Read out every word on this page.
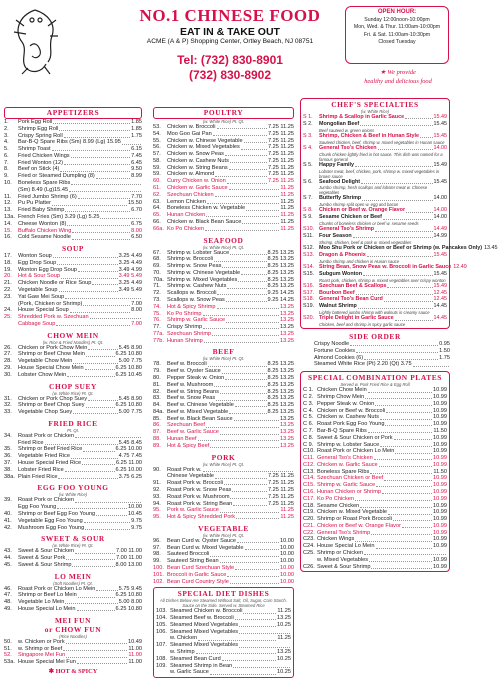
NO.1 CHINESE FOOD
EAT IN & TAKE OUT
ACME (A & P) Shopping Center, Ortley Beach, NJ 08751
Tel: (732) 830-8901
(732) 830-8902
OPEN HOUR:
Sunday 12:00noon-10:00pm
Mon, Wed. & Thur. 11:00am-10:00pm
Fri. & Sat. 11:00am-10:30pm
Closed Tuesday
★ We provide
healthy and delicious food
APPETIZERS
1.	Pork Egg Roll	1.85
2.	Shrimp Egg Roll	1.85
3.	Crispy Spring Roll	1.75
4.	Bar-B-Q Spare Ribs (Sm) 8.99 (Lg) 15.95
5.	Shrimp Toast	6.15
6.	Fried Chicken Wings	7.45
7.	Fried Wonton (12)	6.45
8.	Beef on Stick (4)	9.50
9.	Fried or Steamed Dumpling (8)	8.99
10.	Boneless Spare Ribs
(Sm) 8.49 (Lg)15.45
11.	Fried Jumbo Shrimp (6)	7.70
12.	Pu Pu Platter	15.50
13.	Fried Baby Shrimp	6.70
13a. French Fries (Sm) 3.29 (Lg) 5.25
14.	Cheese Wonton (8)	6.75
15.	Buffalo Chicken Wing	8.00
16.	Cold Sesame Noodle	6.50
SOUP
17.	Wonton Soup	3.25 4.49
18.	Egg Drop Soup	3.25 4.49
19.	Wonton Egg Drop Soup	3.49 4.99
20.	Hot & Sour Soup	3.49 5.49
21.	Chicken Noodle or Rice Soup	3.25 4.49
22.	Vegetable Soup	3.49 5.49
23.	Yat Gaw Mei Soup
(Pork, Chicken or Shrimp)	7.00
24.	House Special Soup	8.00
25.	Shredded Pork w. Szechuan
Cabbage Soup	7.00
CHOW MEIN
(w. Rice & Fried Noodles) Pt. Qt.
26.	Chicken or Pork Chow Mein	5.45 8.90
27.	Shrimp or Beef Chow Mein	6.25 10.80
28.	Vegetable Chow Mein	5.00 7.75
29.	House Special Chow Mein	6.25 10.80
30.	Lobster Chow Mein	6.25 10.45
CHOP SUEY
(w. White Rice) Pt. Qt.
31.	Chicken or Pork Chop Suey	5.45 8.90
32.	Shrimp or Beef Chop Suey	6.25 10.80
33.	Vegetable Chop Suey	5.00 7.75
FRIED RICE
Pt. Qt.
34.	Roast Pork or Chicken
Fried Rice	5.45 8.45
35.	Shrimp or Beef Fried Rice	6.25 10.00
36.	Vegetable Fried Rice	4.75 7.45
37.	House Special Fried Rice	6.25 11.00
38.	Lobster Fried Rice	6.25 10.00
38a. Plain Fried Rice	3.75 6.25
EGG FOO YOUNG
(w. White Rice)
39.	Roast Pork or Chicken
Egg Foo Young	10.00
40.	Shrimp or Beef Egg Foo Young	10.45
41.	Vegetable Egg Foo Young	9.75
42.	Mushroom Egg Foo Young	9.75
SWEET & SOUR
(w. White Rice) Pt. Qt.
43.	Sweet & Sour Chicken	7.00 11.00
44.	Sweet & Sour Pork	7.00 11.00
45.	Sweet & Sour Shrimp	8.00 13.00
LO MEIN
(Soft Noodles) Pt. Qt.
46.	Roast Pork or Chicken Lo Mein	5.75 9.45
47.	Shrimp or Beef Lo Mein	6.25 10.80
48.	Vegetable Lo Mein	5.00 8.00
49.	House Special Lo Mein	6.25 10.80
MEI FUN
or CHOW FUN
(Rice Noodles)
50.	w. Chicken or Pork	10.49
51.	w. Shrimp or Beef	11.00
52.	Singapore Mei Fun	11.00
53a. House Special Mei Fun	11.00
✱ HOT & SPICY
POULTRY
(w. White Rice) Pt. Qt.
53.	Chicken w. Broccoli	7.25 11.25
54.	Moo Goo Gai Pan	7.25 11.25
55.	Chicken w. Chinese Vegetable	7.25 11.25
56.	Chicken w. Mixed Vegetables	7.25 11.25
57.	Chicken w. Snow Peas	7.25 11.25
58.	Chicken w. Cashew Nuts	7.25 11.25
59.	Chicken w. String Beans	7.25 11.25
59.	Chicken w. Almond	7.25 11.25
60.	Curry Chicken w. Onion	7.25 11.25
61.	Chicken w. Garlic Sauce	11.25
62.	Szechuan Chicken	11.25
63.	Lemon Chicken	11.25
64.	Boneless Chicken w. Vegetable	11.25
65.	Hunan Chicken	11.25
66.	Chicken w. Black Bean Sauce	11.25
66a. Ko Po Chicken	11.25
SEAFOOD
(w. White Rice) Pt. Qt.
67.	Shrimp w. Lobster Sauce	8.25 13.25
68.	Shrimp w. Broccoli	8.25 13.25
69.	Shrimp w. Snow Peas	8.25 13.25
70.	Shrimp w. Chinese Vegetable	8.25 13.25
70a. Shrimp w. Mixed Vegetables	8.25 13.25
71.	Shrimp w. Cashew Nuts	8.25 13.25
72.	Scallops w. Broccoli	9.25 14.25
73.	Scallops w. Snow Peas	9.25 14.25
74.	Hot & Spicy Shrimp	13.25
75.	Ko Po Shrimp	13.25
76.	Shrimp w. Garlic Sauce	13.25
77.	Crispy Shrimp	13.25
77a. Szechuan Shrimp	13.25
77b. Hunan Shrimp	13.25
BEEF
(w. White Rice) Pt. Qt.
78.	Beef w. Broccoli	8.25 13.25
79.	Beef w. Oyster Sauce	8.25 13.25
80.	Pepper Steak w. Onion	8.25 13.25
81.	Beef w. Mushroom	8.25 13.25
82.	Beef w. String Beans	8.25 13.25
83.	Beef w. Snow Peas	8.25 13.25
84.	Beef w. Chinese Vegetable	8.25 13.25
84a. Beef w. Mixed Vegetable	8.25 13.25
85.	Beef w. Black Bean Sauce	13.25
86.	Szechuan Beef	13.25
87.	Beef w. Garlic Sauce	13.25
88.	Hunan Beef	13.25
89.	Hot & Spicy Beef	13.25
PORK
(w. White Rice) Pt. Qt.
90.	Roast Pork w.
Chinese Vegetable	7.25 11.25
91.	Roast Pork w. Broccoli	7.25 11.25
92.	Roast Pork w. Snow Peas	7.25 11.25
93.	Roast Pork w. Mushroom	7.25 11.25
94.	Roast Pork w. String Bean	7.25 11.25
95.	Pork w. Garlic Sauce	11.25
95.	Hot & Spicy Shredded Pork	11.25
VEGETABLE
(w. White Rice) Pt. Qt.
96.	Bean Curd w. Oyster Sauce	10.00
97.	Bean Curd w. Mixed Vegetable	10.00
98.	Sauteed Broccoli	10.00
99.	Sauteed String Bean	10.00
100. Bean Curd Szechuan Style	10.00
101. Broccoli in Garlic Sauce	10.00
102. Bean Curd Country Style	10.00
SPECIAL DIET DISHES
All Dishes Below Are Steamed Without Salt, Oil, Sugar, Corn Starch. Sauce on the Side. Served w. Steamed Rice
103. Steamed Chicken w. Broccoli	11.25
104. Steamed Beef w. Broccoli	13.25
105. Steamed Mixed Vegetables	10.25
106. Steamed Mixed Vegetables
w. Chicken	11.25
107. Steamed Mixed Vegetables
w. Shrimp	13.25
108. Steamed Bean Curd	10.25
109. Steamed Shrimp in Bean
w. Garlic Sauce	10.25
CHEF'S SPECIALTIES
(w. White Rice)
S 1.	Shrimp & Scallop in Garlic Sauce	15.49
S 2.	Mongolian Beef	15.45
Beef sauteed w. green onions
S 3.	Shrimp, Chicken & Beef in Hunan Style	15.45
Sauteed chicken, beef, shrimp w. mixed vegetables in Hunan sauce
S 4.	General Tso's Chicken	14.00
Chunk chicken lightly fried in hot sauce. This dish was named for a famous general
S 5.	Happy Family	15.49
Lobster meat, beef, chicken, pork, shrimp w. mixed vegetables in brown sauce
S 6.	Seafood Delight	15.45
Jumbo shrimp, fresh scallops and lobster meat w. Chinese vegetables
S 7.	Butterfly Shrimp	14.00
Jumbo shrimp split open w. egg and bacon
S 8.	Chicken or Beef w. Orange Flavor	14.00
S 9.	Sesame Chicken or Beef	14.00
Chunks of boneless chicken or beef w. sesame seeds
S10. General Tso's Shrimp	14.49
S11. Four Season	14.99
Shrimp, chicken, beef & pork w. mixed vegetables
S12. Moo Shu Pork or Chicken or Beef or Shrimp (w. Pancakes Only) 13.45
S13. Dragon & Phoenix	15.45
Jumbo shrimp and chicken in Hunan sauce
S14. String Bean, Snow Peas w. Broccoli in Garlic Sauce 12.49
S15. Subgum Wonton	15.45
Roast pork, chicken, shrimp w. mixed vegetables over crispy wonton
S16. Szechuan Beef & Scallops	15.49
S17. Bourbon Beef	12.45
S18. General Tso's Bean Curd	12.45
S19. Walnut Shrimp	14.45
Lightly battered jumbo shrimp with walnuts in creamy sauce
S20. Triple Delight in Garlic Sauce	14.45
Chicken, beef and shrimp in spicy garlic sauce
SIDE ORDER
Crispy Noodle	0.95
Fortune Cookies	1.50
Almond Cookies (6)	1.75
Steamed White Rice (Pt) 2.20 (Qt) 3.75
SPECIAL COMBINATION PLATES
Served w. Pork Fried Rice & Egg Roll
C 1. Chicken Chow Mein	10.99
C 2. Shrimp Chow Mein	10.99
C 3. Pepper Steak w. Onion	10.99
C 4. Chicken or Beef w. Broccoli	10.99
C 5. Chicken w. Cashew Nuts	10.99
C 6. Roast Pork Egg Foo Young	10.99
C 7. Bar-B-Q Spare Ribs	11.50
C 8. Sweet & Sour Chicken or Pork	10.99
C 9. Shrimp w. Lobster Sauce	10.99
C10. Roast Pork or Chicken Lo Mein	10.99
C11. General Tso's Chicken	10.99
C12. Chicken w. Garlic Sauce	10.99
C13. Boneless Spare Ribs	11.50
C14. Szechuan Chicken or Beef	10.99
C15. Shrimp w. Garlic Sauce	10.99
C16. Hunan Chicken or Shrimp	10.99
C17. Ko Po Chicken	10.99
C18. Sesame Chicken	10.99
C19. Chicken w. Mixed Vegetable	10.99
C20. Shrimp or Roast Pork Broccoli	10.99
C21. Chicken or Beef w. Orange Flavor	10.99
C22. General Tso's Shrimp	10.99
C23. Chicken Wings	10.99
C24. House Special Lo Mein	10.99
C25. Shrimp or Chicken
w. Mixed Vegetables	10.99
C26. Sweet & Sour Shrimp	10.99
